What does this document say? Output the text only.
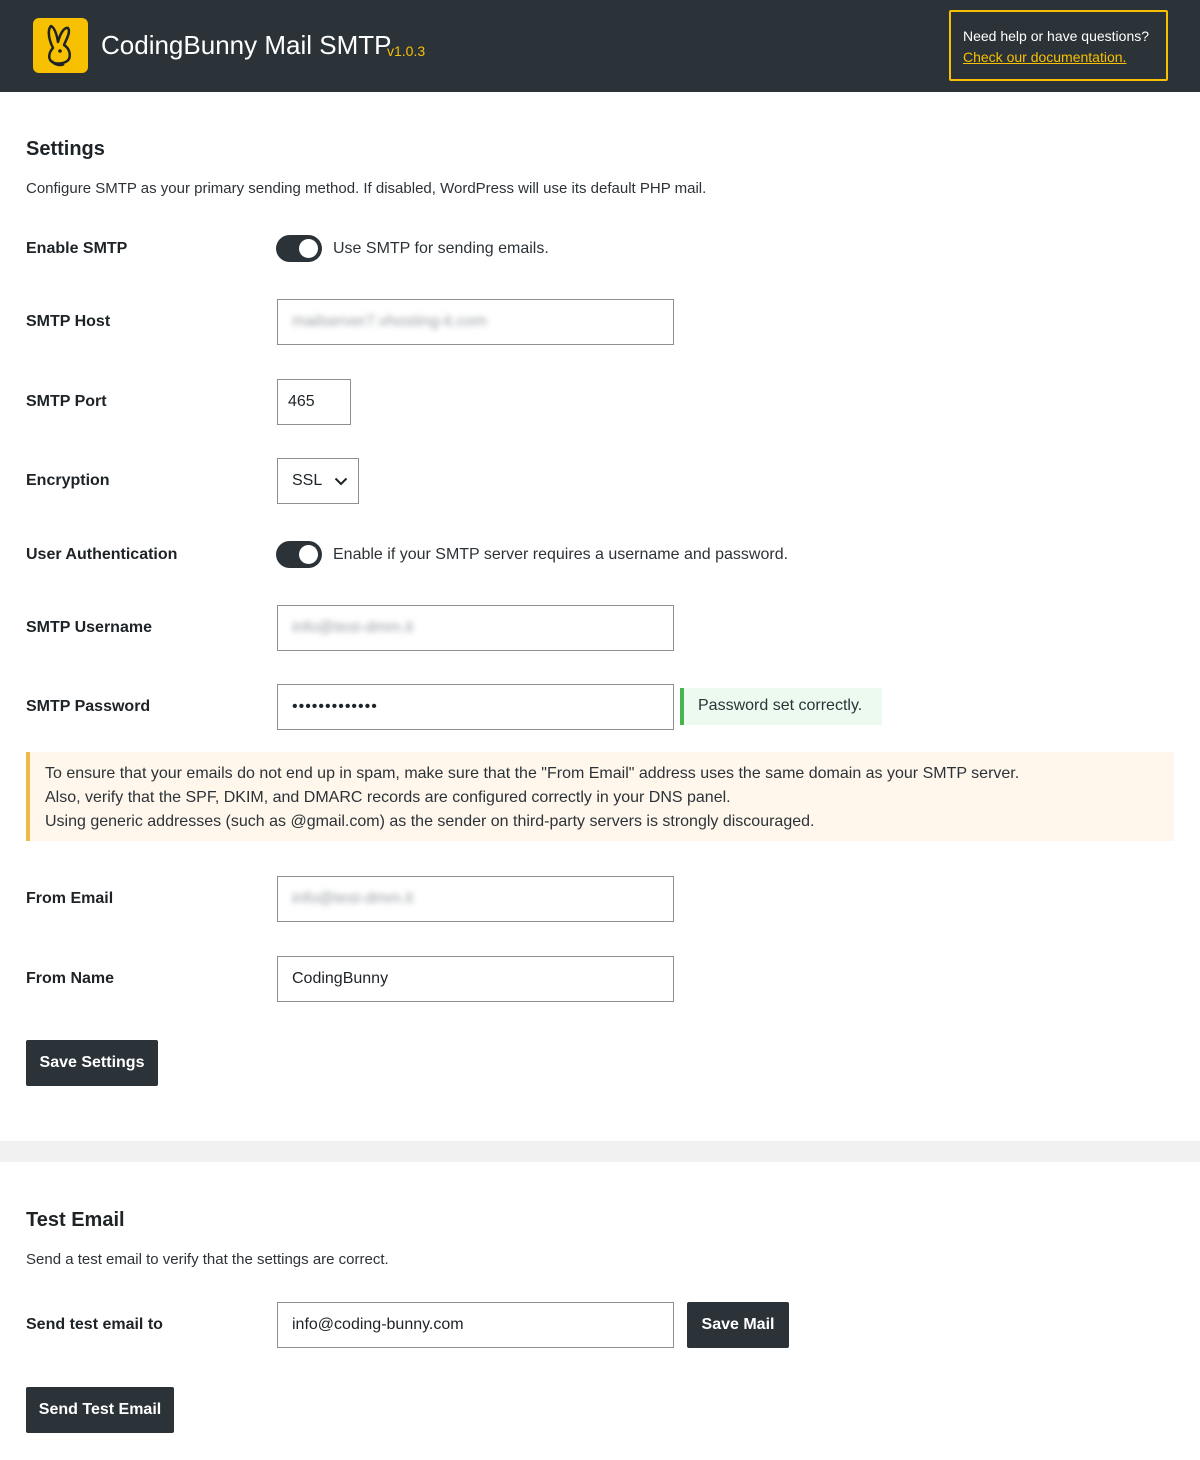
CodingBunny Mail SMTP
v1.0.3
Need help or have questions?
Check our documentation.
Settings
Configure SMTP as your primary sending method. If disabled, WordPress will use its default PHP mail.
Enable SMTP	Use SMTP for sending emails.
SMTP Host	mailserver7.vhosting-it.com
SMTP Port	465
Encryption	SSL
User Authentication	Enable if your SMTP server requires a username and password.
SMTP Username	info@test-dmm.it
SMTP Password	•••••••••••••	Password set correctly.

To ensure that your emails do not end up in spam, make sure that the "From Email" address uses the same domain as your SMTP server.

Also, verify that the SPF, DKIM, and DMARC records are configured correctly in your DNS panel.

Using generic addresses (such as @gmail.com) as the sender on third-party servers is strongly discouraged.

From Email	info@test-dmm.it
From Name	CodingBunny
Save Settings
Test Email
Send a test email to verify that the settings are correct.
Send test email to	info@coding-bunny.com	Save Mail
Send Test Email
